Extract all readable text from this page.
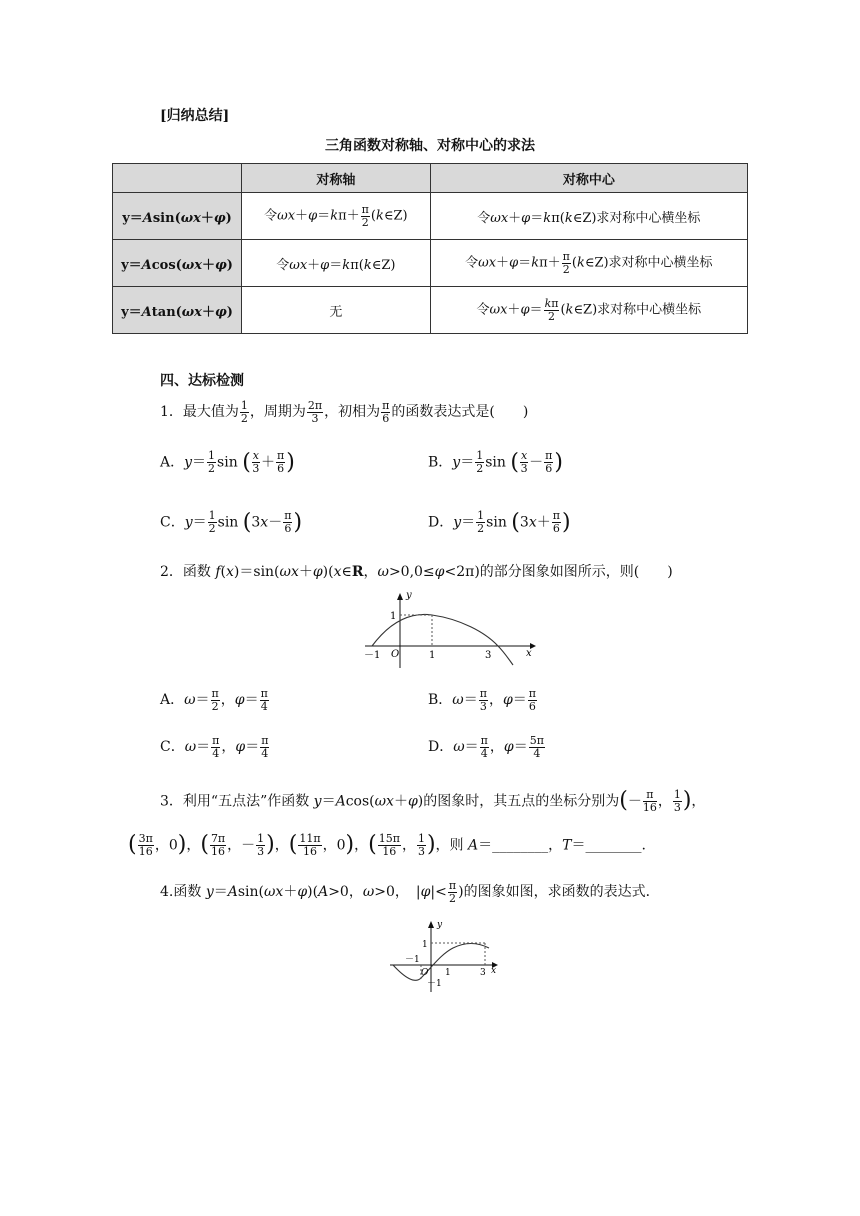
[归纳总结]
三角函数对称轴、对称中心的求法
	对称轴	对称中心
y＝Asin(ωx＋φ)	令$\omega x+\varphi=k\pi+ \frac{\pi}{2}$ (k∈Z)	令ωx＋φ＝kπ(k∈Z)求对称中心横坐标
y＝Acos(ωx＋φ)	令ωx＋φ＝kπ(k∈Z)	令$\omega x+\varphi=k\pi+ \frac{\pi}{2}$ (k∈Z)求对称中心横坐标
y＝Atan(ωx＋φ)	无	令$\omega x+\varphi= \frac{k\pi}{2}$ (k∈Z)求对称中心横坐标
四、达标检测
1．最大值为 $\frac{1}{2}$ ，周期为 $\frac{2\pi}{3}$ ，初相为 $\frac{\pi}{6}$ 的函数表达式是(　　)
A．$y= \frac{1}{2}$ sin ( $\frac{x}{3} + \frac{\pi}{6}$ )	B．$y= \frac{1}{2}$ sin ( $\frac{x}{3} - \frac{\pi}{6}$ )
C．$y= \frac{1}{2}$ $\sin (3x- \frac{\pi}{6}$ )	D．$y= \frac{1}{2}$ $\sin (3x+ \frac{\pi}{6}$ )
2．函数 f(x)＝sin(ωx＋φ)(x∈R，ω>0,0≤φ<2π)的部分图象如图所示，则(　　)
y
x
1
－1 O	1	3
A．$\omega= \frac{\pi}{2}$ ，$\varphi= \frac{\pi}{4}$	B．$\omega= \frac{\pi}{3}$ ，$\varphi= \frac{\pi}{6}$
C．$\omega= \frac{\pi}{4}$ ，$\varphi= \frac{\pi}{4}$	D．$\omega= \frac{\pi}{4}$ ，$\varphi= \frac{5\pi}{4}$
3．利用“五点法”作函数 y＝Acos(ωx＋φ)的图象时，其五点的坐标分别为(－ $\frac{\pi}{16}$ ， $\frac{1}{3}$ )，
( $\frac{3\pi}{16}$ ，0)，( $\frac{7\pi}{16}$ ，－ $\frac{1}{3}$ )，( $\frac{11\pi}{16}$ ，0)，( $\frac{15\pi}{16}$ ， $\frac{1}{3}$ )，则 A＝________，T＝________.
4.函数 y＝Asin(ωx＋φ)(A>0，ω>0，　$|\varphi|< \frac{\pi}{2}$ )的图象如图，求函数的表达式．
y
x
1
－1
O 1	3
－1
